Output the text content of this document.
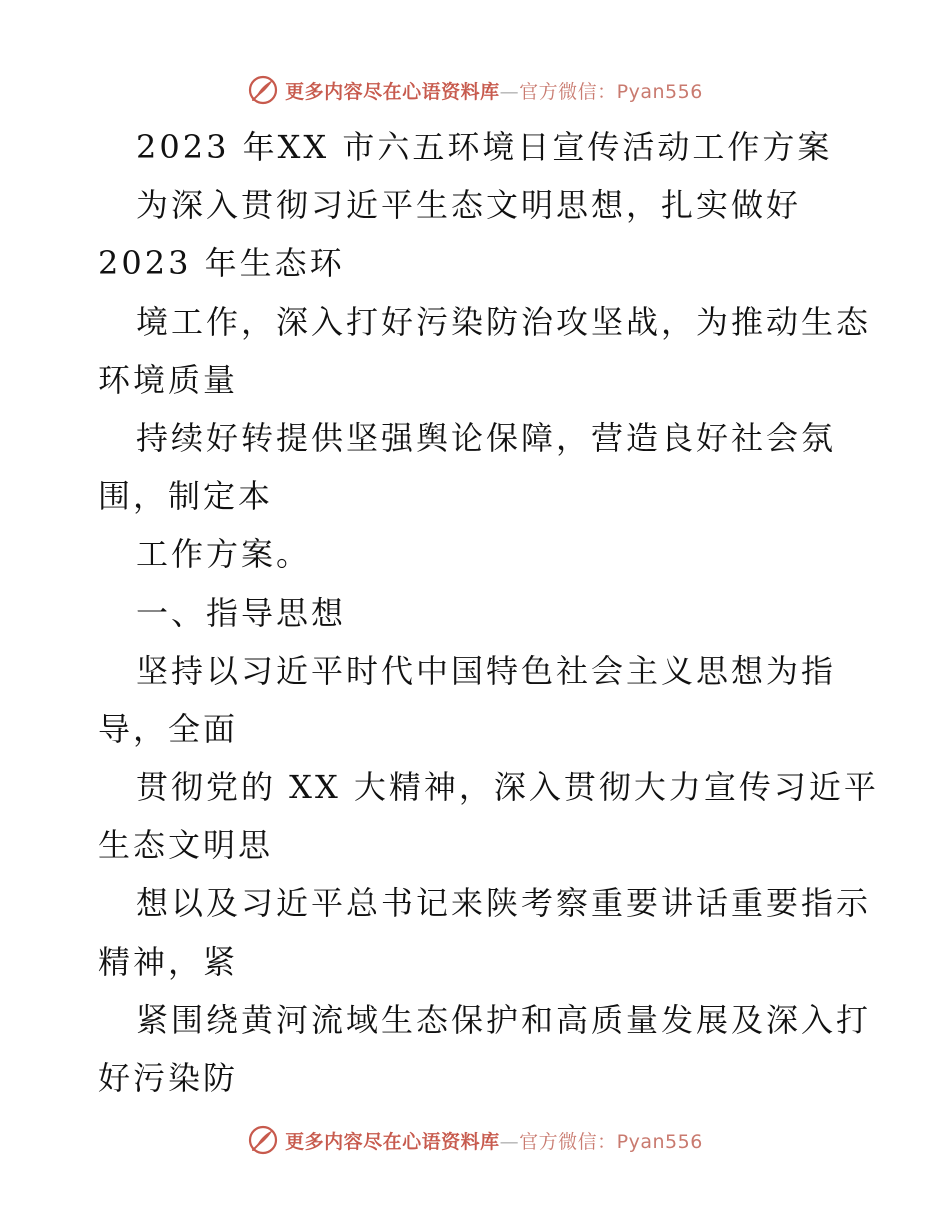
更多内容尽在心语资料库—官方微信：Pyan556
2023 年XX 市六五环境日宣传活动工作方案
为深入贯彻习近平生态文明思想，扎实做好
2023 年生态环
境工作，深入打好污染防治攻坚战，为推动生态
环境质量
持续好转提供坚强舆论保障，营造良好社会氛
围，制定本
工作方案。
一、指导思想
坚持以习近平时代中国特色社会主义思想为指
导，全面
贯彻党的 XX 大精神，深入贯彻大力宣传习近平
生态文明思
想以及习近平总书记来陕考察重要讲话重要指示
精神，紧
紧围绕黄河流域生态保护和高质量发展及深入打
好污染防
更多内容尽在心语资料库—官方微信：Pyan556
